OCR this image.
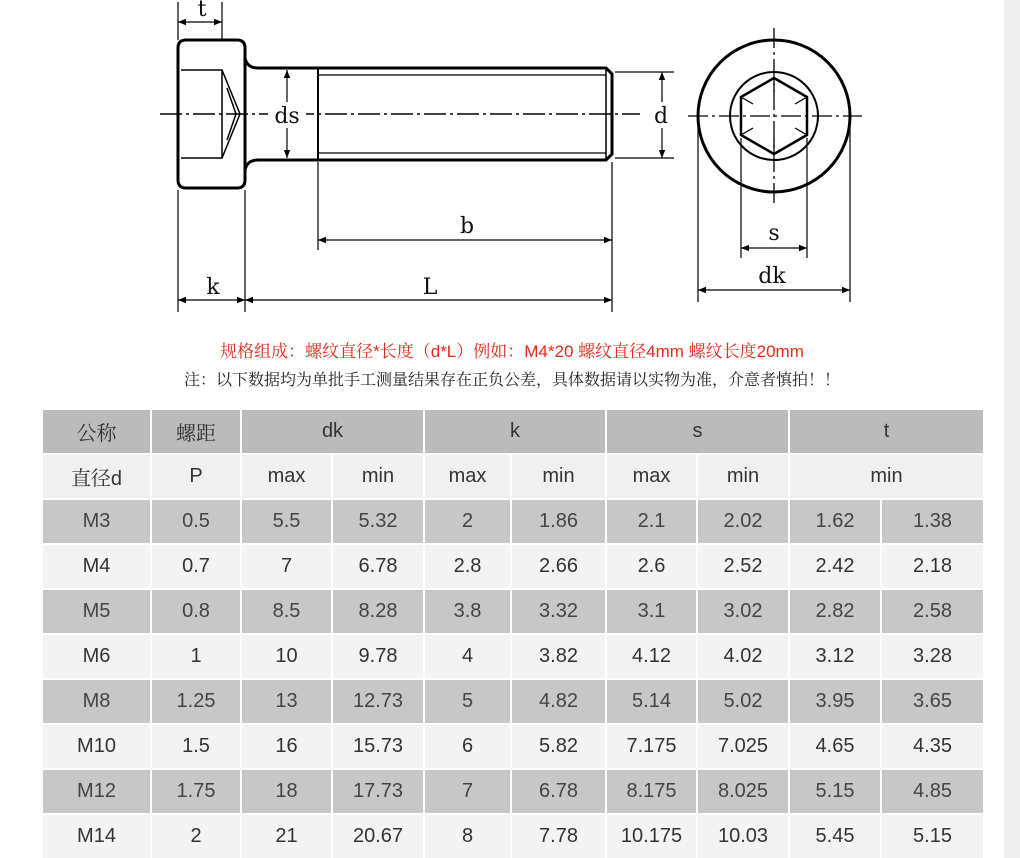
t
ds	d
b
k	L
s
dk
规格组成：螺纹直径*长度（d*L）例如：M4*20 螺纹直径4mm 螺纹长度20mm
注：以下数据均为单批手工测量结果存在正负公差，具体数据请以实物为准，介意者慎拍！！
公称	螺距	dk	k	s	t
直径d	P	max	min	max	min	max	min	min
M3	0.5	5.5	5.32	2	1.86	2.1	2.02	1.62	1.38
M4	0.7	7	6.78	2.8	2.66	2.6	2.52	2.42	2.18
M5	0.8	8.5	8.28	3.8	3.32	3.1	3.02	2.82	2.58
M6	1	10	9.78	4	3.82	4.12	4.02	3.12	3.28
M8	1.25	13	12.73	5	4.82	5.14	5.02	3.95	3.65
M10	1.5	16	15.73	6	5.82	7.175	7.025	4.65	4.35
M12	1.75	18	17.73	7	6.78	8.175	8.025	5.15	4.85
M14	2	21	20.67	8	7.78	10.175	10.03	5.45	5.15
